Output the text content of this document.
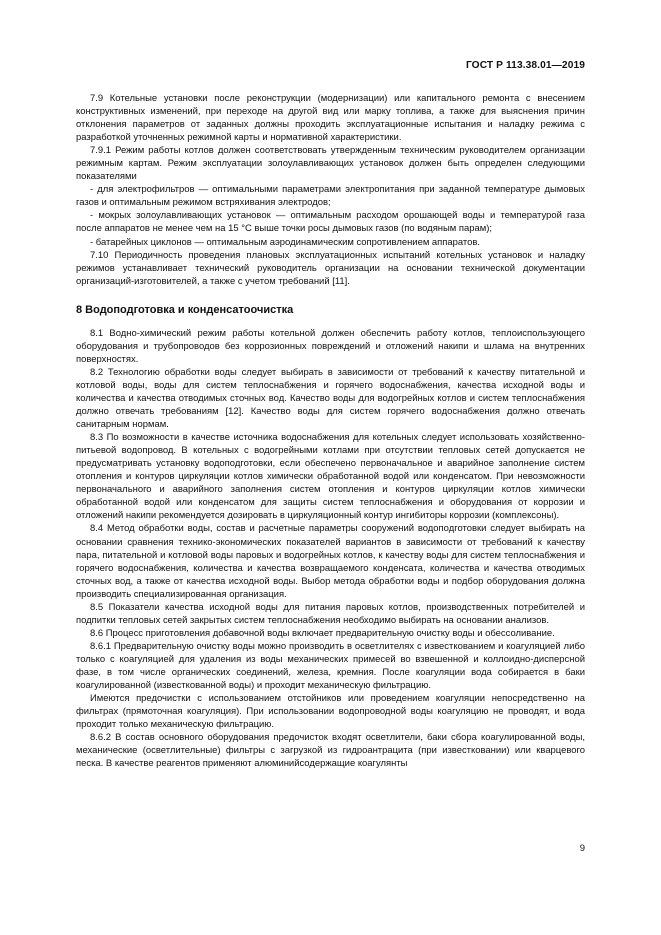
ГОСТ Р 113.38.01—2019

7.9 Котельные установки после реконструкции (модернизации) или капитального ремонта с внесением конструктивных изменений, при переходе на другой вид или марку топлива, а также для выяснения причин отклонения параметров от заданных должны проходить эксплуатационные испытания и наладку режима с разработкой уточненных режимной карты и нормативной характеристики.

7.9.1 Режим работы котлов должен соответствовать утвержденным техническим руководителем организации режимным картам. Режим эксплуатации золоулавливающих установок должен быть определен следующими показателями

- для электрофильтров — оптимальными параметрами электропитания при заданной температуре дымовых газов и оптимальным режимом встряхивания электродов;

- мокрых золоулавливающих установок — оптимальным расходом орошающей воды и температурой газа после аппаратов не менее чем на 15 °С выше точки росы дымовых газов (по водяным парам);

- батарейных циклонов — оптимальным аэродинамическим сопротивлением аппаратов.

7.10 Периодичность проведения плановых эксплуатационных испытаний котельных установок и наладку режимов устанавливает технический руководитель организации на основании технической документации организаций-изготовителей, а также с учетом требований [11].

8 Водоподготовка и конденсатоочистка

8.1 Водно-химический режим работы котельной должен обеспечить работу котлов, теплоиспользующего оборудования и трубопроводов без коррозионных повреждений и отложений накипи и шлама на внутренних поверхностях.

8.2 Технологию обработки воды следует выбирать в зависимости от требований к качеству питательной и котловой воды, воды для систем теплоснабжения и горячего водоснабжения, качества исходной воды и количества и качества отводимых сточных вод. Качество воды для водогрейных котлов и систем теплоснабжения должно отвечать требованиям [12]. Качество воды для систем горячего водоснабжения должно отвечать санитарным нормам.

8.3 По возможности в качестве источника водоснабжения для котельных следует использовать хозяйственно-питьевой водопровод. В котельных с водогрейными котлами при отсутствии тепловых сетей допускается не предусматривать установку водоподготовки, если обеспечено первоначальное и аварийное заполнение систем отопления и контуров циркуляции котлов химически обработанной водой или конденсатом. При невозможности первоначального и аварийного заполнения систем отопления и контуров циркуляции котлов химически обработанной водой или конденсатом для защиты систем теплоснабжения и оборудования от коррозии и отложений накипи рекомендуется дозировать в циркуляционный контур ингибиторы коррозии (комплексоны).

8.4 Метод обработки воды, состав и расчетные параметры сооружений водоподготовки следует выбирать на основании сравнения технико-экономических показателей вариантов в зависимости от требований к качеству пара, питательной и котловой воды паровых и водогрейных котлов, к качеству воды для систем теплоснабжения и горячего водоснабжения, количества и качества возвращаемого конденсата, количества и качества отводимых сточных вод, а также от качества исходной воды. Выбор метода обработки воды и подбор оборудования должна производить специализированная организация.

8.5 Показатели качества исходной воды для питания паровых котлов, производственных потребителей и подпитки тепловых сетей закрытых систем теплоснабжения необходимо выбирать на основании анализов.

8.6 Процесс приготовления добавочной воды включает предварительную очистку воды и обессоливание.

8.6.1 Предварительную очистку воды можно производить в осветлителях с известкованием и коагуляцией либо только с коагуляцией для удаления из воды механических примесей во взвешенной и коллоидно-дисперсной фазе, в том числе органических соединений, железа, кремния. После коагуляции вода собирается в баки коагулированной (известкованной воды) и проходит механическую фильтрацию.

Имеются предочистки с использованием отстойников или проведением коагуляции непосредственно на фильтрах (прямоточная коагуляция). При использовании водопроводной воды коагуляцию не проводят, и вода проходит только механическую фильтрацию.

8.6.2 В состав основного оборудования предочисток входят осветлители, баки сбора коагулированной воды, механические (осветлительные) фильтры с загрузкой из гидроантрацита (при известковании) или кварцевого песка. В качестве реагентов применяют алюминийсодержащие коагулянты

9
